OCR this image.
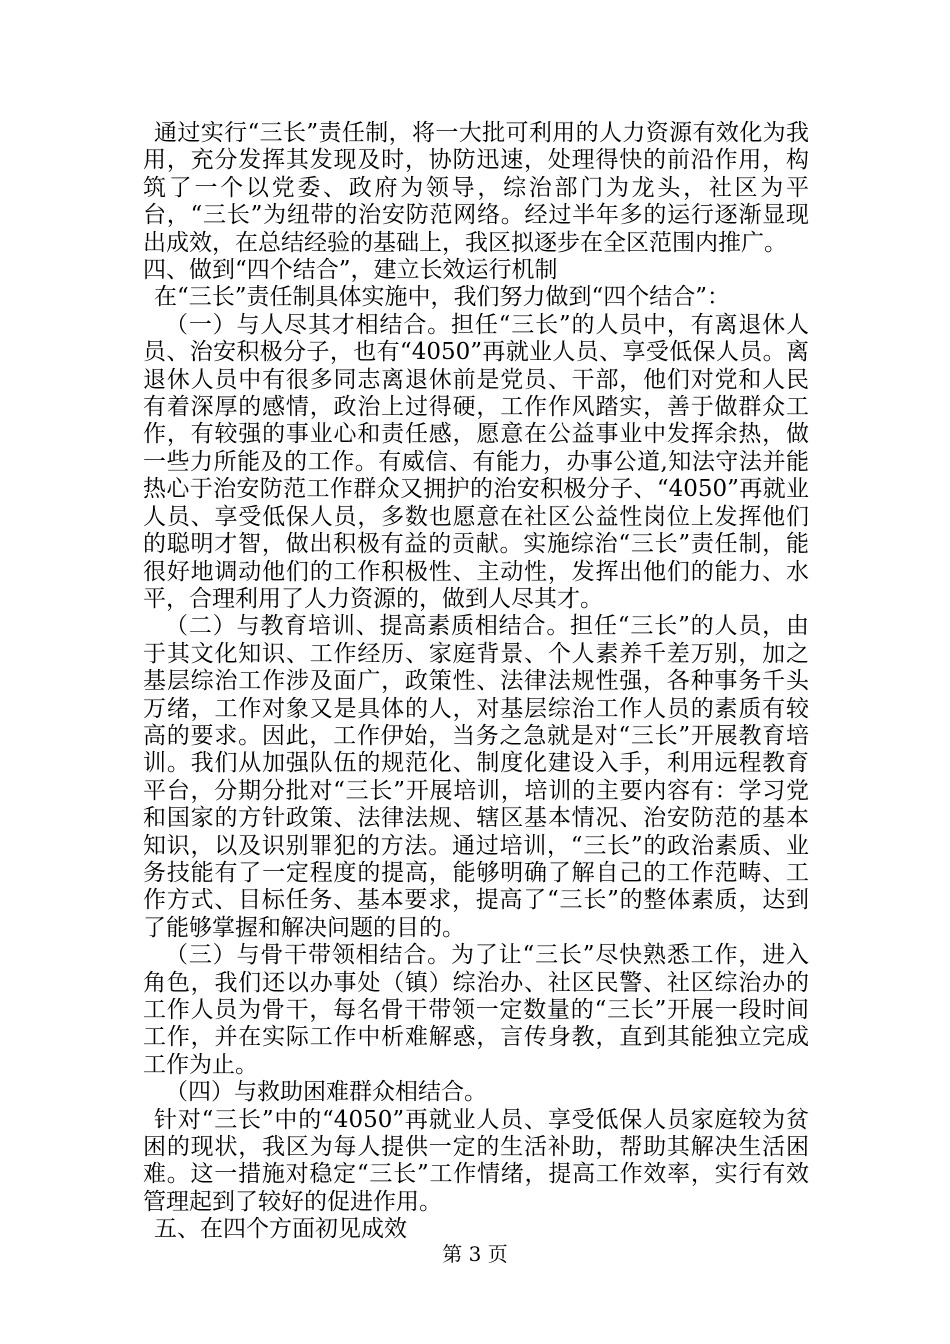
通过实行“三长”责任制，将一大批可利用的人力资源有效化为我用，充分发挥其发现及时，协防迅速，处理得快的前沿作用，构筑了一个以党委、政府为领导，综治部门为龙头，社区为平台，“三长”为纽带的治安防范网络。经过半年多的运行逐渐显现出成效，在总结经验的基础上，我区拟逐步在全区范围内推广。

四、做到“四个结合”，建立长效运行机制

在“三长”责任制具体实施中，我们努力做到“四个结合”：

（一）与人尽其才相结合。担任“三长”的人员中，有离退休人员、治安积极分子，也有“4050”再就业人员、享受低保人员。离退休人员中有很多同志离退休前是党员、干部，他们对党和人民有着深厚的感情，政治上过得硬，工作作风踏实，善于做群众工作，有较强的事业心和责任感，愿意在公益事业中发挥余热，做一些力所能及的工作。有威信、有能力，办事公道,知法守法并能热心于治安防范工作群众又拥护的治安积极分子、“4050”再就业人员、享受低保人员，多数也愿意在社区公益性岗位上发挥他们的聪明才智，做出积极有益的贡献。实施综治“三长”责任制，能很好地调动他们的工作积极性、主动性，发挥出他们的能力、水平，合理利用了人力资源的，做到人尽其才。

（二）与教育培训、提高素质相结合。担任“三长”的人员，由于其文化知识、工作经历、家庭背景、个人素养千差万别，加之基层综治工作涉及面广，政策性、法律法规性强，各种事务千头万绪，工作对象又是具体的人，对基层综治工作人员的素质有较高的要求。因此，工作伊始，当务之急就是对“三长”开展教育培训。我们从加强队伍的规范化、制度化建设入手，利用远程教育平台，分期分批对“三长”开展培训，培训的主要内容有：学习党和国家的方针政策、法律法规、辖区基本情况、治安防范的基本知识，以及识别罪犯的方法。通过培训，“三长”的政治素质、业务技能有了一定程度的提高，能够明确了解自己的工作范畴、工作方式、目标任务、基本要求，提高了“三长”的整体素质，达到了能够掌握和解决问题的目的。

（三）与骨干带领相结合。为了让“三长”尽快熟悉工作，进入角色，我们还以办事处（镇）综治办、社区民警、社区综治办的工作人员为骨干，每名骨干带领一定数量的“三长”开展一段时间工作，并在实际工作中析难解惑，言传身教，直到其能独立完成工作为止。

（四）与救助困难群众相结合。

针对“三长”中的“4050”再就业人员、享受低保人员家庭较为贫困的现状，我区为每人提供一定的生活补助，帮助其解决生活困难。这一措施对稳定“三长”工作情绪，提高工作效率，实行有效管理起到了较好的促进作用。

五、在四个方面初见成效

第 3 页
